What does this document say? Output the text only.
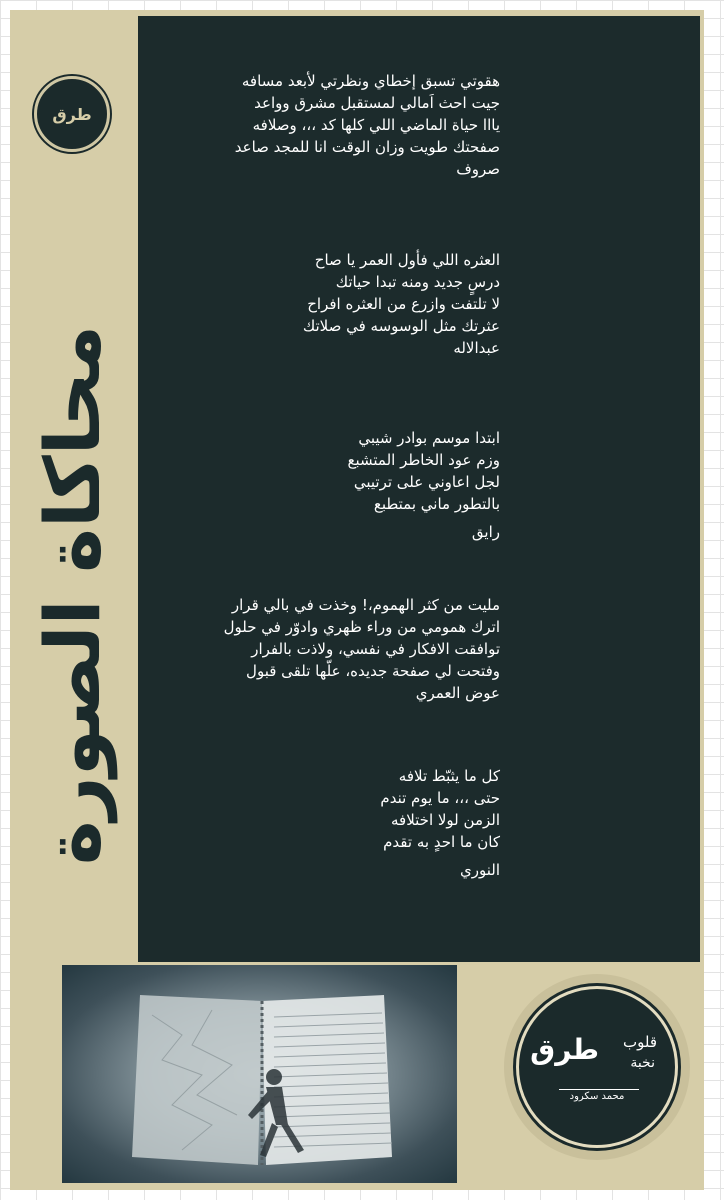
طرق
محاكاة الصورة
هقوتي تسبق إخطاي ونظرتي لأبعد مسافه
جيت احث اَمالي لمستقبل مشرق وواعد
يااا حياة الماضي اللي كلها كد ،،، وصلافه
صفحتك طويت وزان الوقت انا للمجد صاعد
صروف
العثره اللي فأول العمر يا صاح
درسٍ جديد ومنه تبدا حياتك
لا تلتفت وازرع من العثره افراح
عثرتك مثل الوسوسه في صلاتك
عبدالاله
ابتدا موسم بوادر شيبي
وزم عود الخاطر المتشبع
لجل اعاوني على ترتيبي
بالتطور ماني بمتطبع
رايق
مليت من كثر الهموم،! وخذت في بالي قرار
اترك همومي من وراء ظهري وادوّر في حلول
توافقت الافكار في نفسي، ولاذت بالفرار
وفتحت لي صفحة جديده، علّها تلقى قبول
عوض العمري
كل ما يثبّط تلافه
حتى ،،، ما يوم تندم
الزمن لولا اختلافه
كان ما احدٍ به تقدم
النوري
طرق قلوب
نخبة
محمد سكرود
